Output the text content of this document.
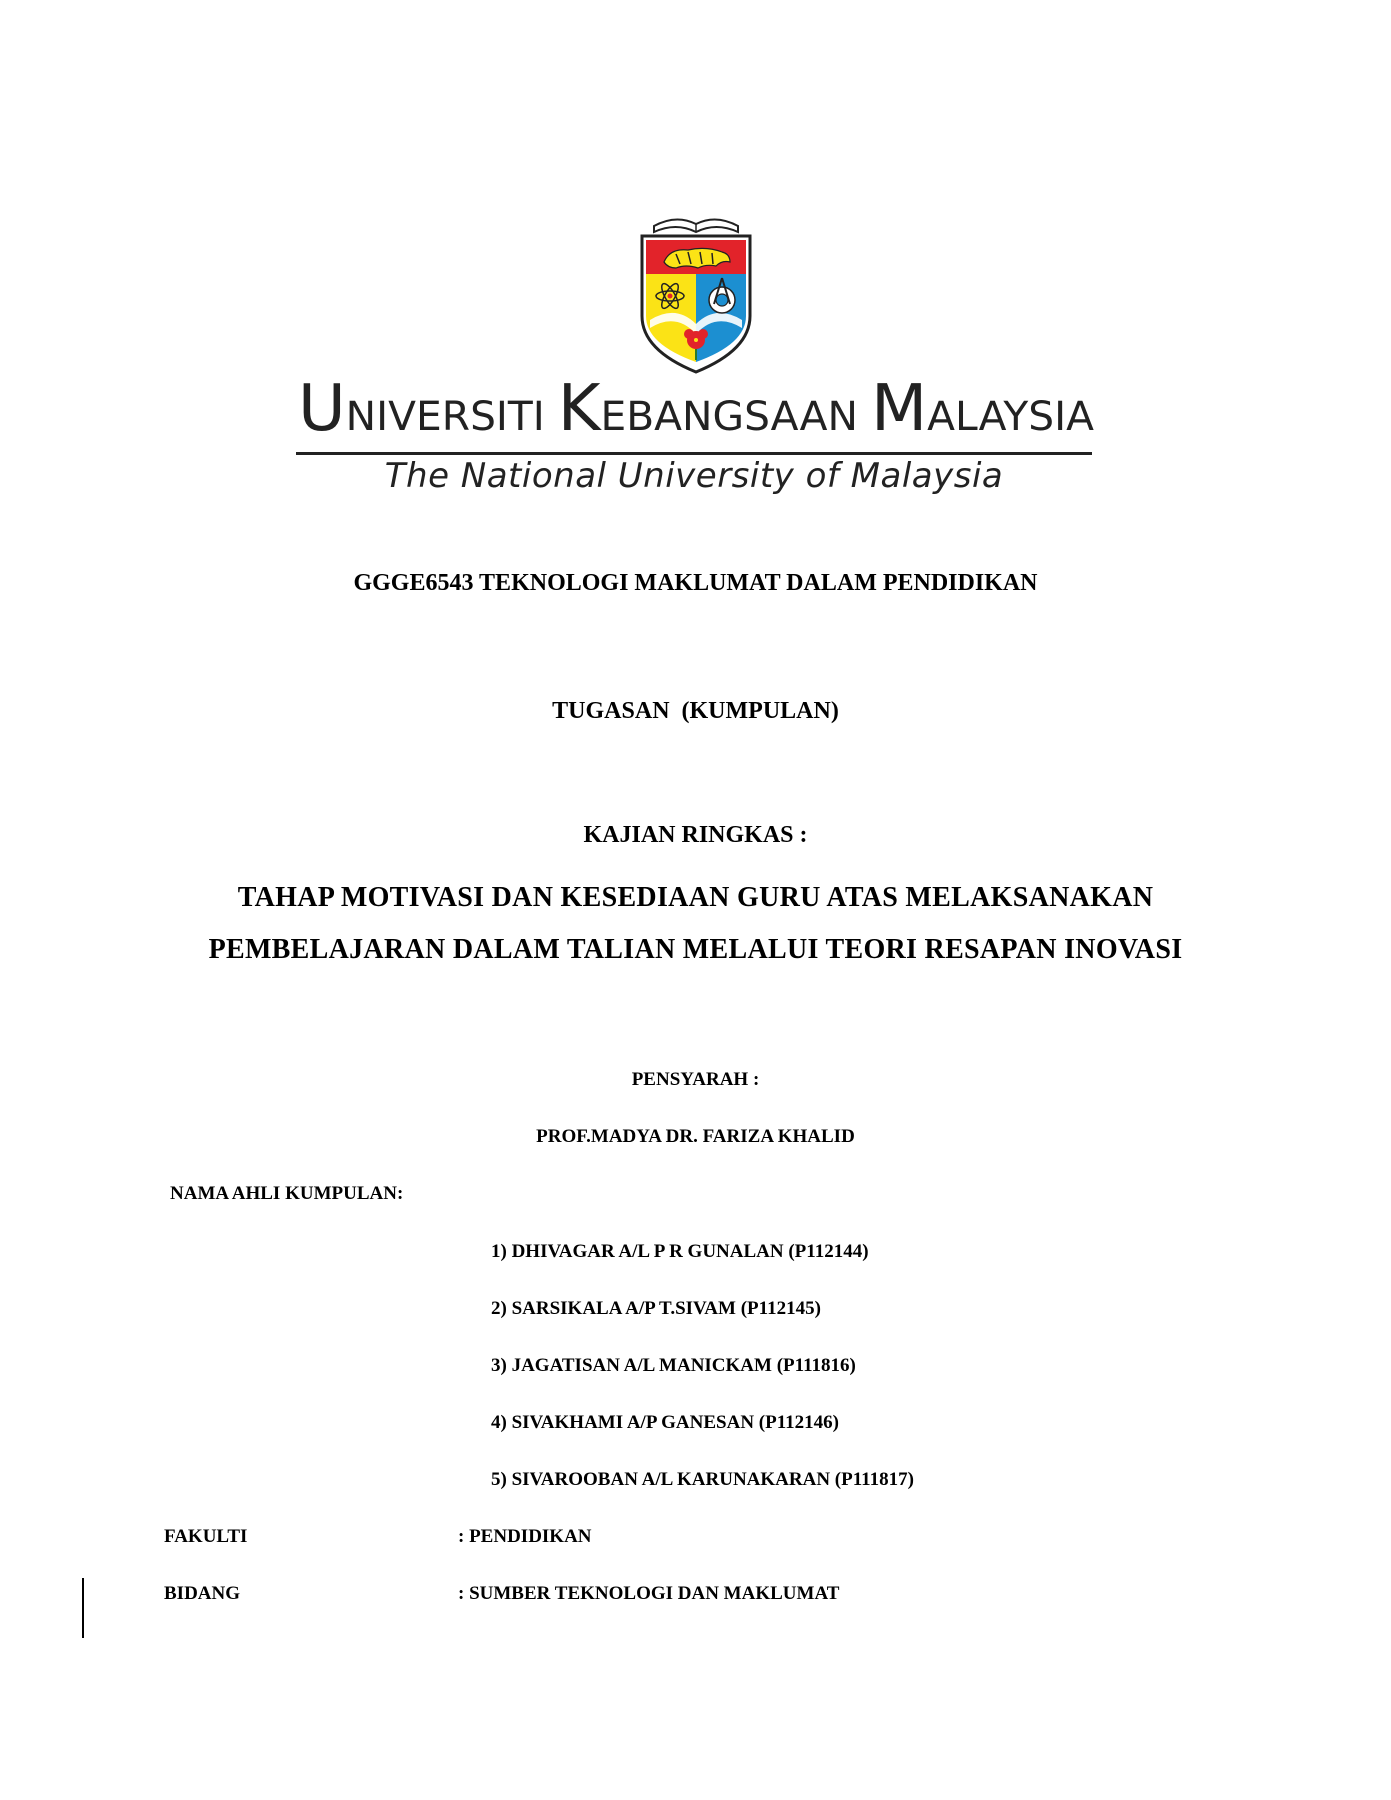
UNIVERSITI KEBANGSAAN MALAYSIA
The National University of Malaysia
GGGE6543 TEKNOLOGI MAKLUMAT DALAM PENDIDIKAN
TUGASAN  (KUMPULAN)
KAJIAN RINGKAS :
TAHAP MOTIVASI DAN KESEDIAAN GURU ATAS MELAKSANAKAN
PEMBELAJARAN DALAM TALIAN MELALUI TEORI RESAPAN INOVASI
PENSYARAH :
PROF.MADYA DR. FARIZA KHALID
NAMA AHLI KUMPULAN:
1) DHIVAGAR A/L P R GUNALAN (P112144)
2) SARSIKALA A/P T.SIVAM (P112145)
3) JAGATISAN A/L MANICKAM (P111816)
4) SIVAKHAMI A/P GANESAN (P112146)
5) SIVAROOBAN A/L KARUNAKARAN (P111817)
FAKULTI	: PENDIDIKAN
BIDANG	: SUMBER TEKNOLOGI DAN MAKLUMAT
